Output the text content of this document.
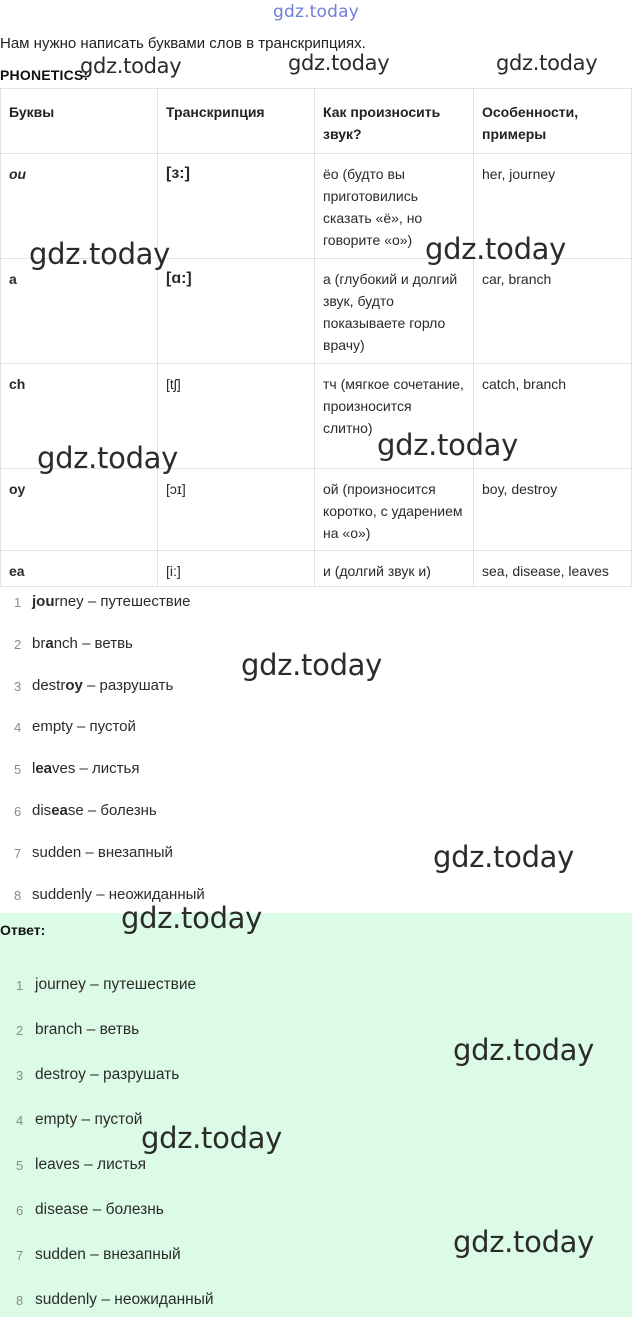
gdz.today
Нам нужно написать буквами слов в транскрипциях.
PHONETICS:
Буквы	Транскрипция	Как произносить звук?	Особенности, примеры
ou	[ɜ:]	ёо (будто вы приготовились сказать «ё», но говорите «о»)	her, journey
a	[ɑ:]	а (глубокий и долгий звук, будто показываете горло врачу)	car, branch
ch	[tʃ]	тч (мягкое сочетание, произносится слитно)	catch, branch
oy	[ɔɪ]	ой (произносится коротко, с ударением на «о»)	boy, destroy
ea	[i:]	и (долгий звук и)	sea, disease, leaves
1 journey – путешествие
2 branch – ветвь
3 destroy – разрушать
4 empty – пустой
5 leaves – листья
6 disease – болезнь
7 sudden – внезапный
8 suddenly – неожиданный
Ответ:
1 journey – путешествие
2 branch – ветвь
3 destroy – разрушать
4 empty – пустой
5 leaves – листья
6 disease – болезнь
7 sudden – внезапный
8 suddenly – неожиданный
gdz.today	gdz.today	gdz.today
gdz.today	gdz.today
gdz.today
gdz.today
gdz.today
gdz.today
gdz.today
gdz.today
gdz.today
gdz.today
